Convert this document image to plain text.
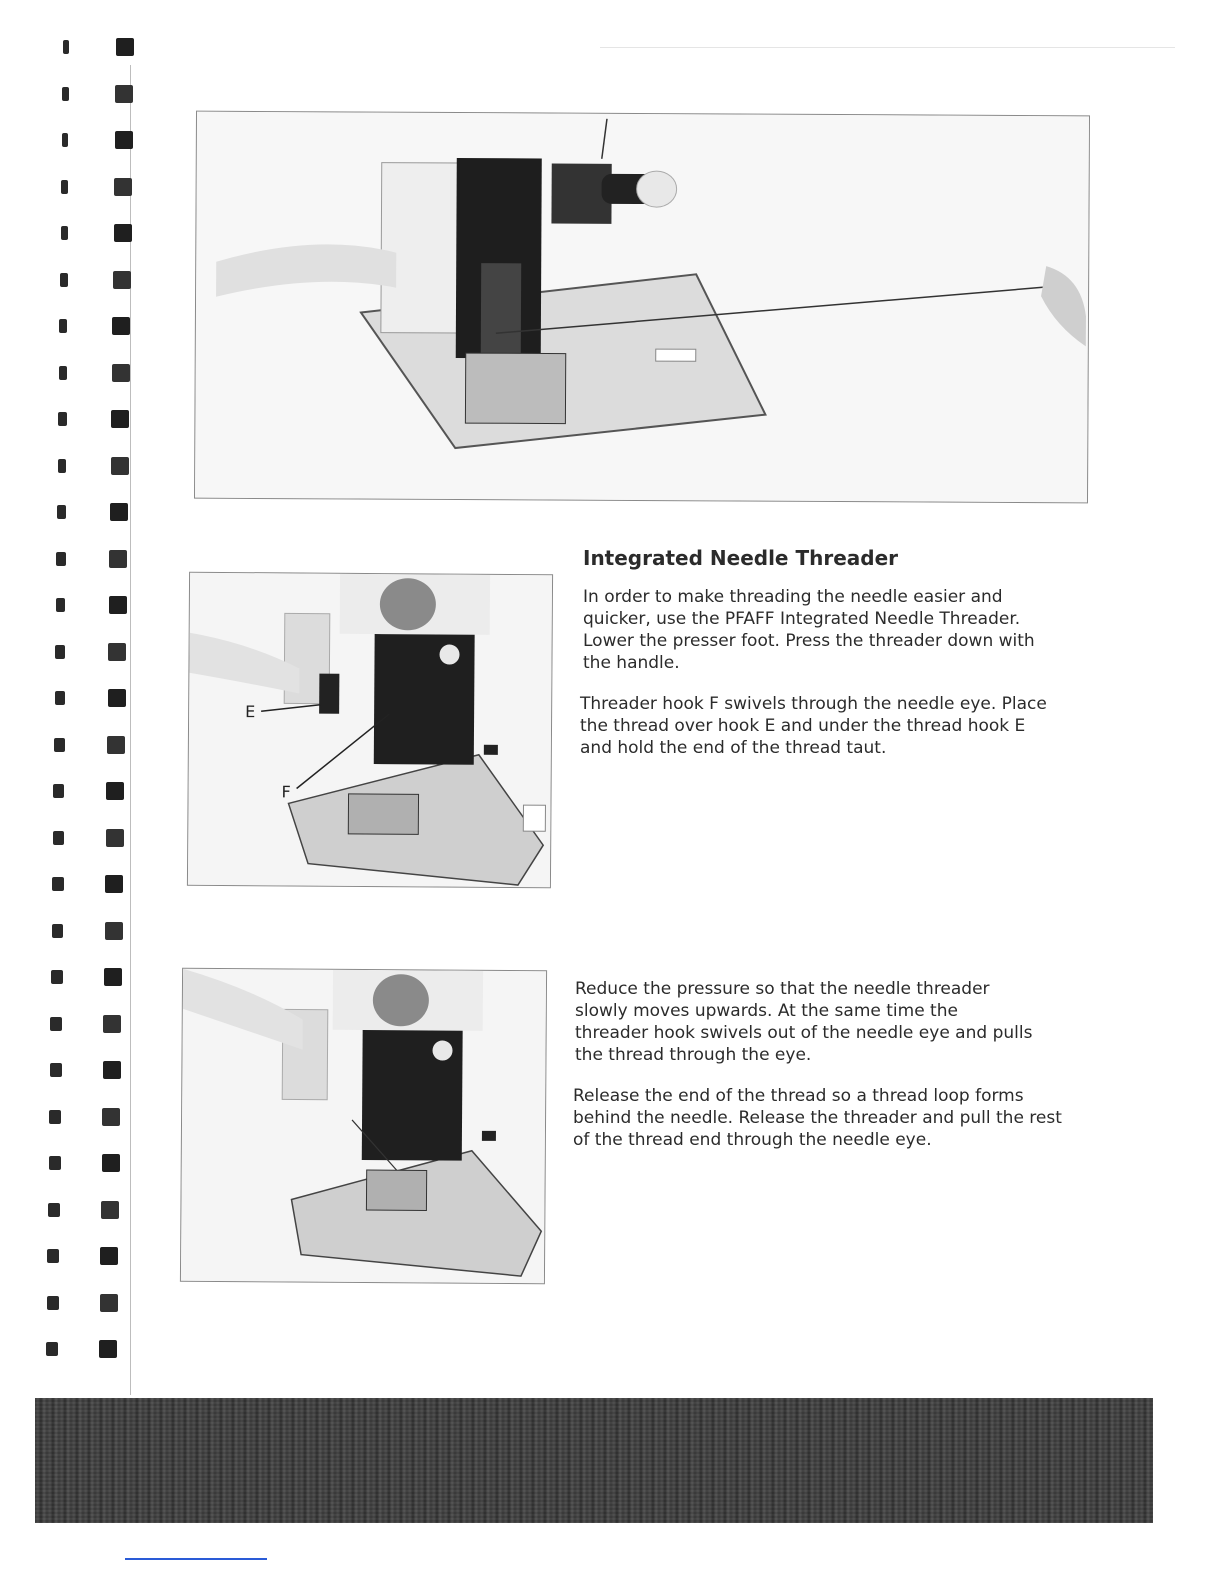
E
F
Integrated Needle Threader

In order to make threading the needle easier and quicker, use the PFAFF Integrated Needle Threader. Lower the presser foot. Press the threader down with the handle.

Threader hook F swivels through the needle eye. Place the thread over hook E and under the thread hook E and hold the end of the thread taut.

Reduce the pressure so that the needle threader slowly moves upwards. At the same time the threader hook swivels out of the needle eye and pulls the thread through the eye.

Release the end of the thread so a thread loop forms behind the needle. Release the threader and pull the rest of the thread end through the needle eye.
